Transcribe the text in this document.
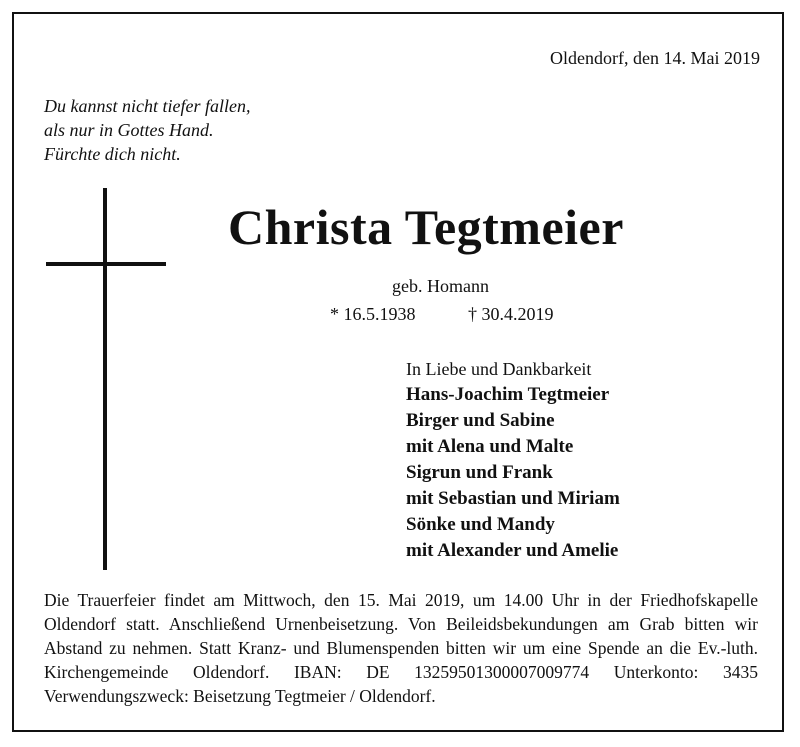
Oldendorf, den 14. Mai 2019
Du kannst nicht tiefer fallen,
als nur in Gottes Hand.
Fürchte dich nicht.
Christa Tegtmeier
geb. Homann
* 16.5.1938	† 30.4.2019
In Liebe und Dankbarkeit
Hans-Joachim Tegtmeier
Birger und Sabine
mit Alena und Malte
Sigrun und Frank
mit Sebastian und Miriam
Sönke und Mandy
mit Alexander und Amelie
Die Trauerfeier findet am Mittwoch, den 15. Mai 2019, um 14.00 Uhr in der Friedhofskapelle Oldendorf statt. Anschließend Urnenbeisetzung. Von Beileidsbekundungen am Grab bitten wir Abstand zu nehmen. Statt Kranz- und Blumenspenden bitten wir um eine Spende an die Ev.-luth. Kirchengemeinde Oldendorf. IBAN: DE 13259501300007009774 Unterkonto: 3435 Verwendungszweck: Beisetzung Tegtmeier / Oldendorf.
